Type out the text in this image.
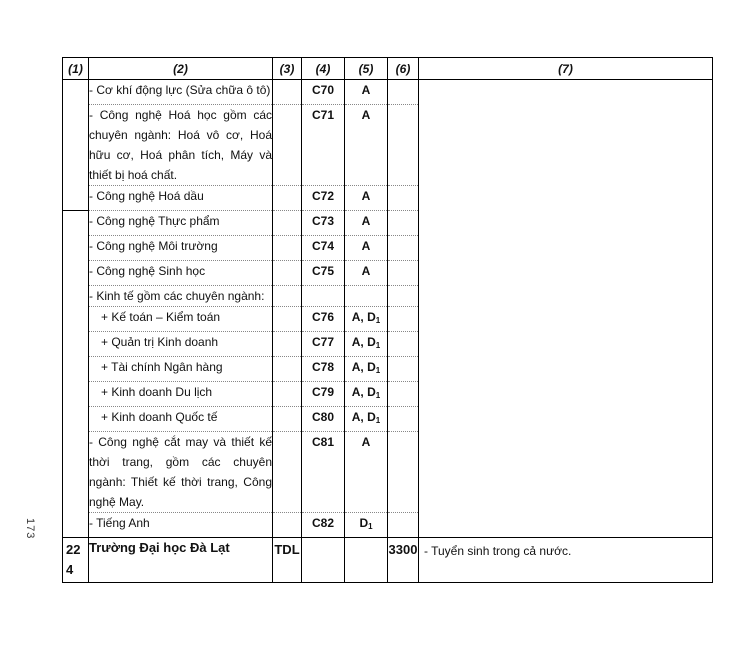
(1)	(2)	(3)	(4)	(5)	(6)	(7)
	- Cơ khí động lực (Sửa chữa ô tô)		C70	A		
	- Công nghệ Hoá học gồm các chuyên ngành: Hoá vô cơ, Hoá hữu cơ, Hoá phân tích, Máy và thiết bị hoá chất.		C71	A		
	- Công nghệ Hoá dầu		C72	A		
	- Công nghệ Thực phẩm		C73	A		
	- Công nghệ Môi trường		C74	A		
	- Công nghệ Sinh học		C75	A		
	- Kinh tế gồm các chuyên ngành:					
	+ Kế toán – Kiểm toán		C76	A, D1		
	+ Quản trị Kinh doanh		C77	A, D1		
	+ Tài chính Ngân hàng		C78	A, D1		
	+ Kinh doanh Du lịch		C79	A, D1		
	+ Kinh doanh Quốc tế		C80	A, D1		
	- Công nghệ cắt may và thiết kế thời trang, gồm các chuyên ngành: Thiết kế thời trang, Công nghệ May.		C81	A		
	- Tiếng Anh		C82	D1		
224	Trường Đại học Đà Lạt	TDL			3300	- Tuyển sinh trong cả nước.
173
